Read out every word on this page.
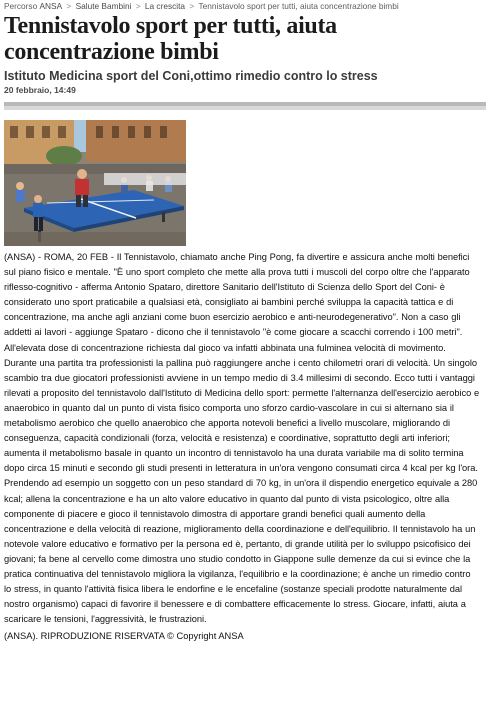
Percorso ANSA > Salute Bambini > La crescita > Tennistavolo sport per tutti, aiuta concentrazione bimbi
Tennistavolo sport per tutti, aiuta concentrazione bimbi
Istituto Medicina sport del Coni,ottimo rimedio contro lo stress
20 febbraio, 14:49
(ANSA) - ROMA, 20 FEB - Il Tennistavolo, chiamato anche Ping Pong, fa divertire e assicura anche molti benefici sul piano fisico e mentale. "È uno sport completo che mette alla prova tutti i muscoli del corpo oltre che l'apparato riflesso-cognitivo - afferma Antonio Spataro, direttore Sanitario dell'Istituto di Scienza dello Sport del Coni- è considerato uno sport praticabile a qualsiasi età, consigliato ai bambini perché sviluppa la capacità tattica e di concentrazione, ma anche agli anziani come buon esercizio aerobico e anti-neurodegenerativo". Non a caso gli addetti ai lavori - aggiunge Spataro - dicono che il tennistavolo "è come giocare a scacchi correndo i 100 metri". All'elevata dose di concentrazione richiesta dal gioco va infatti abbinata una fulminea velocità di movimento. Durante una partita tra professionisti la pallina può raggiungere anche i cento chilometri orari di velocità. Un singolo scambio tra due giocatori professionisti avviene in un tempo medio di 3.4 millesimi di secondo. Ecco tutti i vantaggi rilevati a proposito del tennistavolo dall'Istituto di Medicina dello sport: permette l'alternanza dell'esercizio aerobico e anaerobico in quanto dal un punto di vista fisico comporta uno sforzo cardio-vascolare in cui si alternano sia il metabolismo aerobico che quello anaerobico che apporta notevoli benefici a livello muscolare, migliorando di conseguenza, capacità condizionali (forza, velocità e resistenza) e coordinative, soprattutto degli arti inferiori; aumenta il metabolismo basale in quanto un incontro di tennistavolo ha una durata variabile ma di solito termina dopo circa 15 minuti e secondo gli studi presenti in letteratura in un'ora vengono consumati circa 4 kcal per kg l'ora. Prendendo ad esempio un soggetto con un peso standard di 70 kg, in un'ora il dispendio energetico equivale a 280 kcal; allena la concentrazione e ha un alto valore educativo in quanto dal punto di vista psicologico, oltre alla componente di piacere e gioco il tennistavolo dimostra di apportare grandi benefici quali aumento della concentrazione e della velocità di reazione, miglioramento della coordinazione e dell'equilibrio. Il tennistavolo ha un notevole valore educativo e formativo per la persona ed è, pertanto, di grande utilità per lo sviluppo psicofisico dei giovani; fa bene al cervello come dimostra uno studio condotto in Giappone sulle demenze da cui si evince che la pratica continuativa del tennistavolo migliora la vigilanza, l'equilibrio e la coordinazione; è anche un rimedio contro lo stress, in quanto l'attività fisica libera le endorfine e le encefaline (sostanze speciali prodotte naturalmente dal nostro organismo) capaci di favorire il benessere e di combattere efficacemente lo stress. Giocare, infatti, aiuta a scaricare le tensioni, l'aggressività, le frustrazioni.
(ANSA). RIPRODUZIONE RISERVATA © Copyright ANSA
